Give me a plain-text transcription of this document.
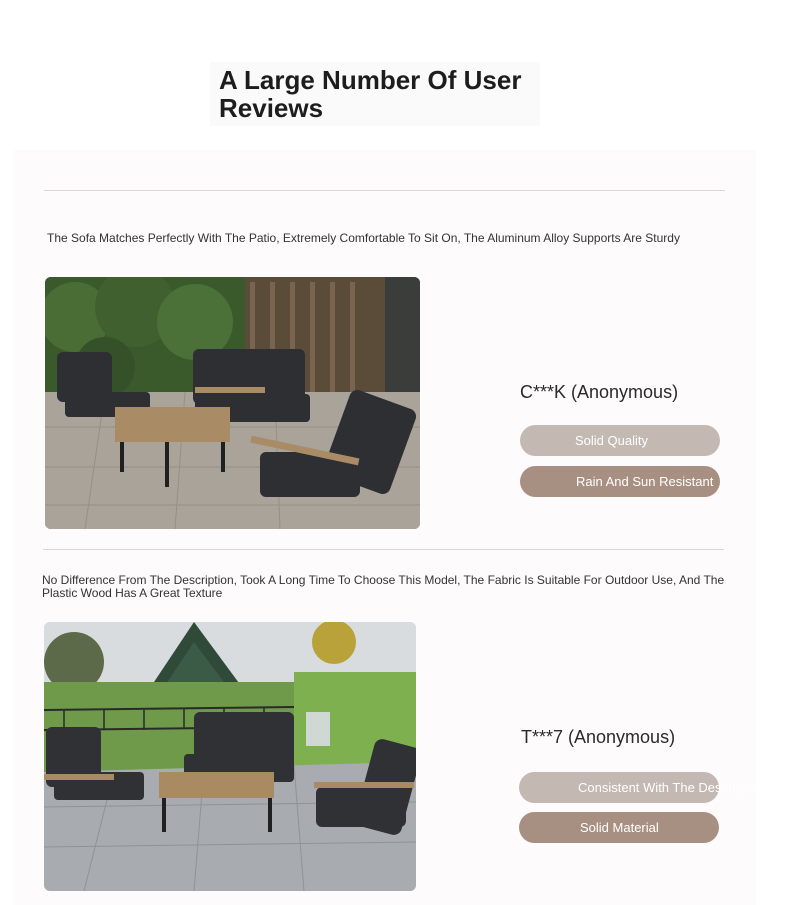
A Large Number Of User Reviews

The Sofa Matches Perfectly With The Patio, Extremely Comfortable To Sit On, The Aluminum Alloy Supports Are Sturdy

C***K (Anonymous)
Solid Quality
Rain And Sun Resistant

No Difference From The Description, Took A Long Time To Choose This Model, The Fabric Is Suitable For Outdoor Use, And The Plastic Wood Has A Great Texture

T***7 (Anonymous)
Consistent With The Description
Solid Material
